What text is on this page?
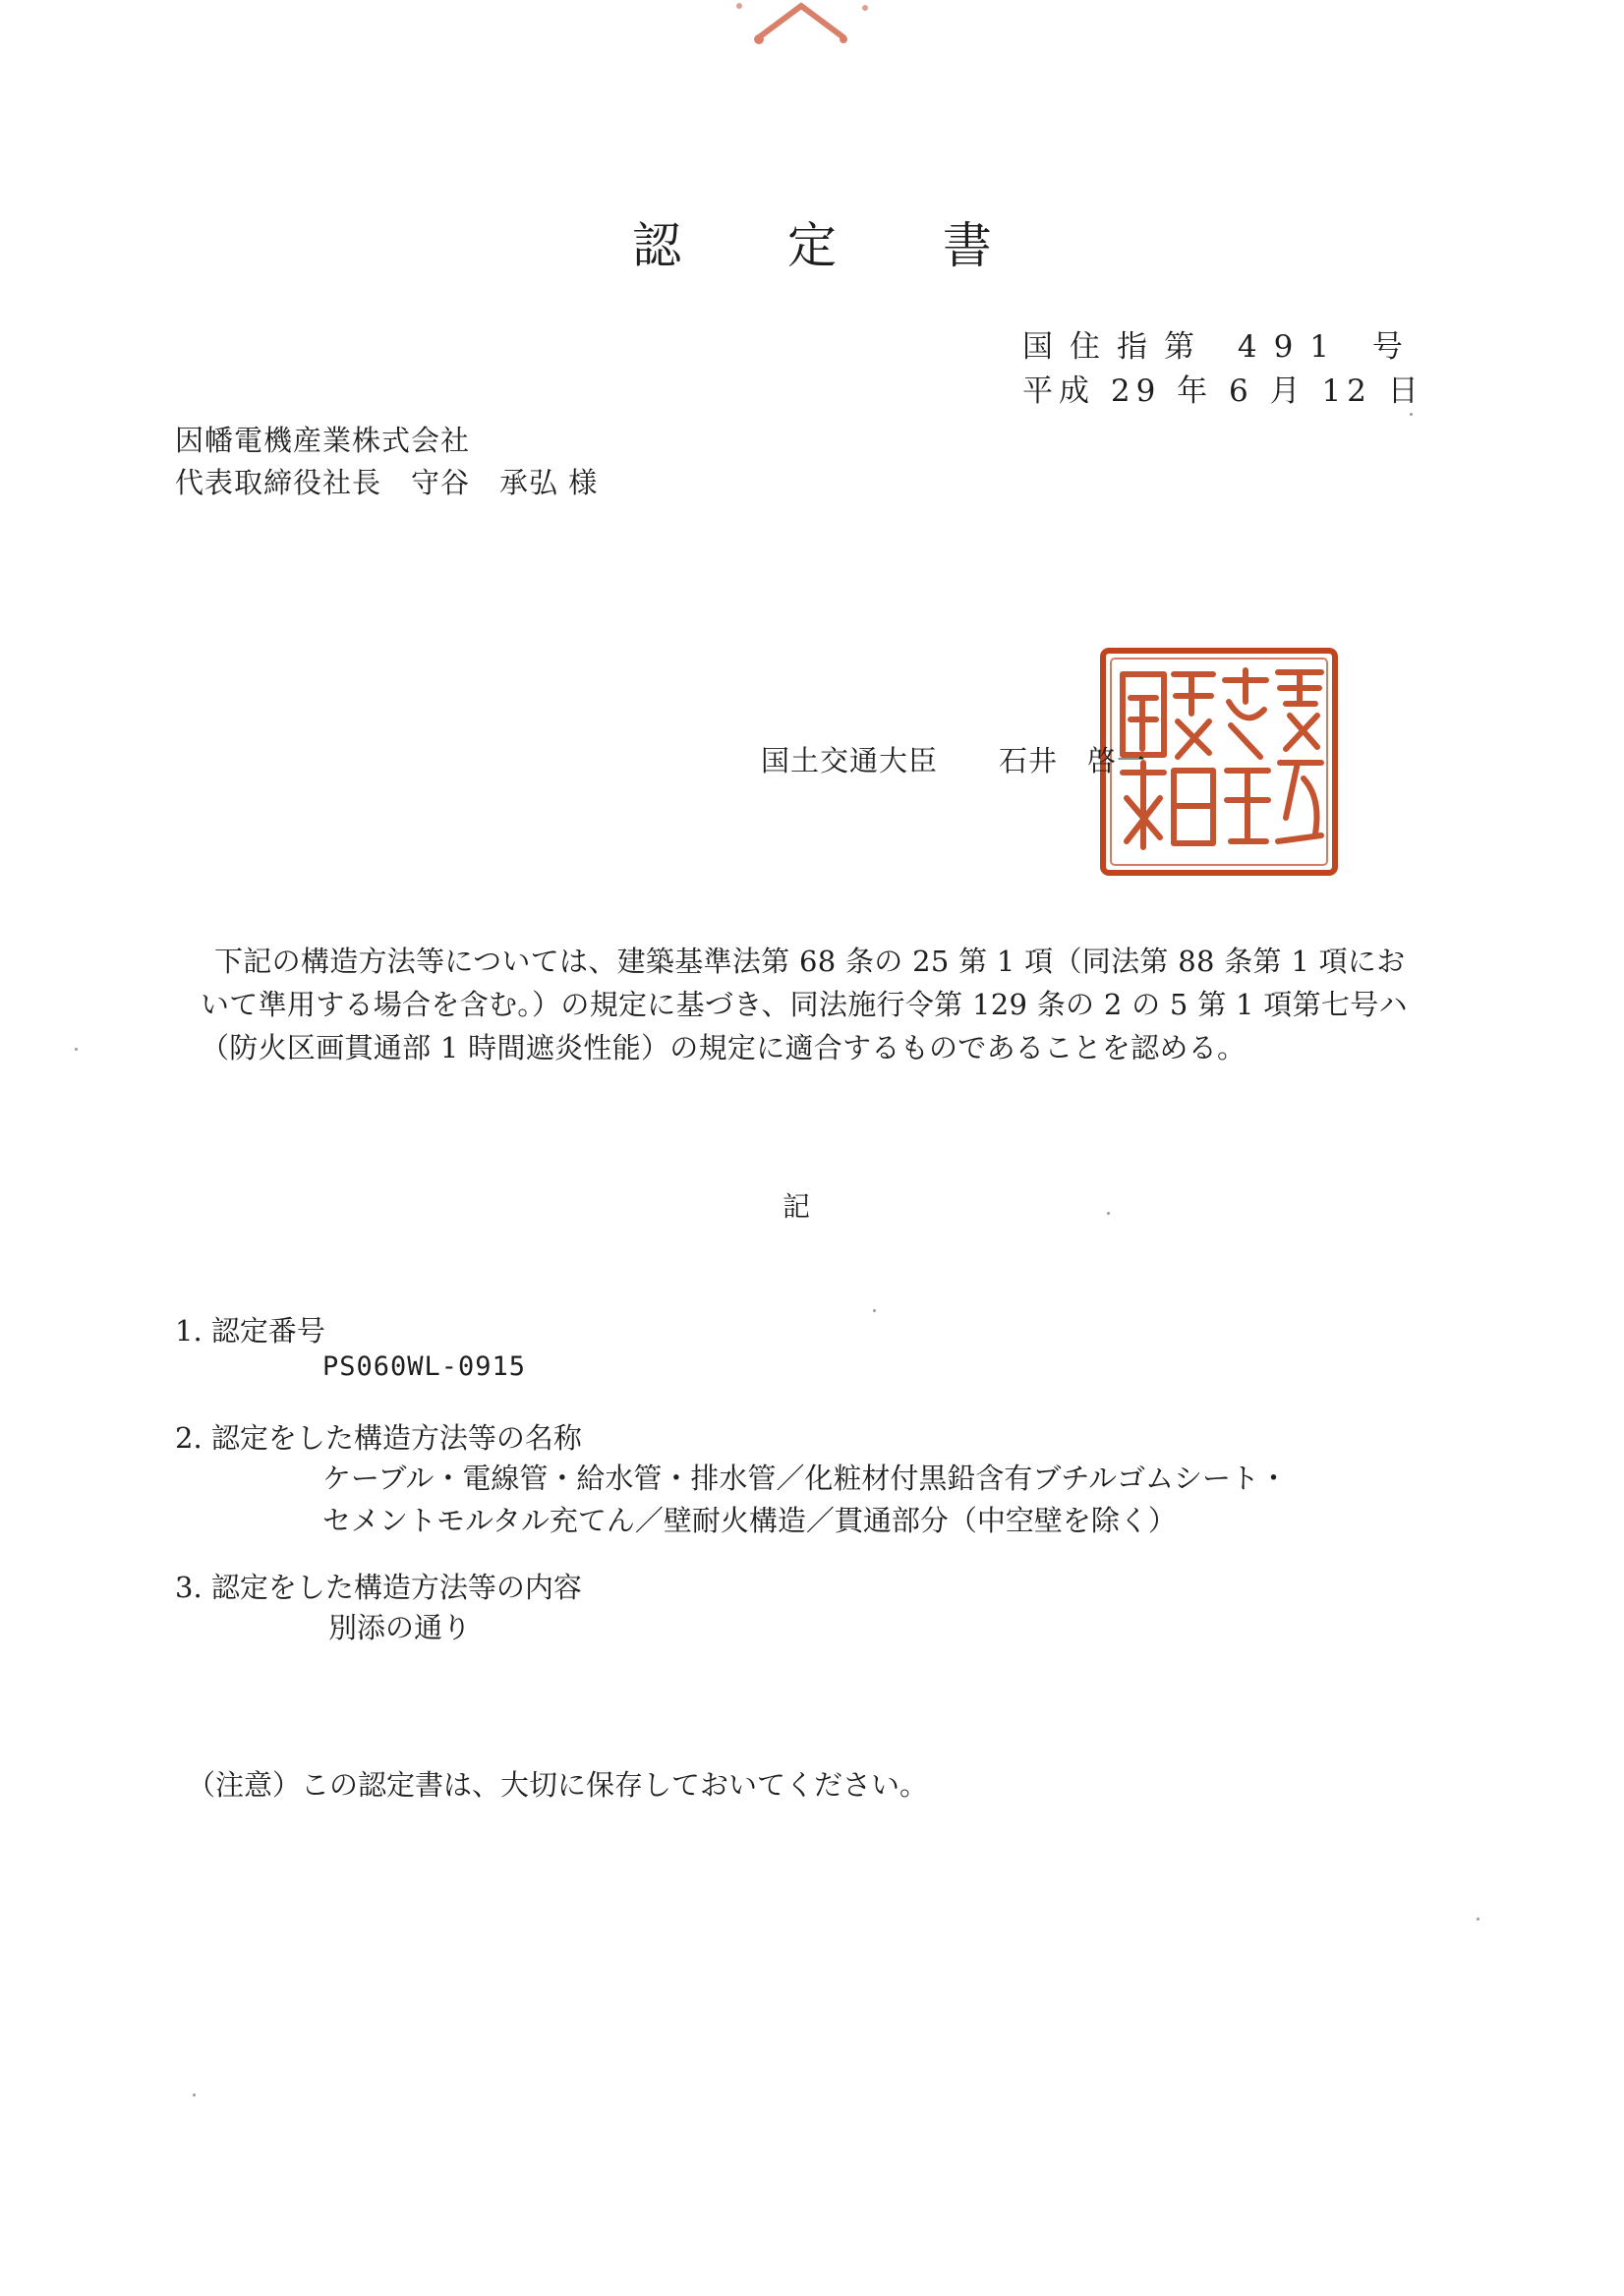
認 定 書
国住指第 491 号
平成 29 年 6 月 12 日
因幡電機産業株式会社
代表取締役社長　守谷　承弘 様
国土交通大臣之印
国土交通大臣 石井　啓一
下記の構造方法等については、建築基準法第 68 条の 25 第 1 項（同法第 88 条第 1 項にお
いて準用する場合を含む。）の規定に基づき、同法施行令第 129 条の 2 の 5 第 1 項第七号ハ
（防火区画貫通部 1 時間遮炎性能）の規定に適合するものであることを認める。
記
1. 認定番号
PS060WL-0915
2. 認定をした構造方法等の名称
ケーブル・電線管・給水管・排水管／化粧材付黒鉛含有ブチルゴムシート・
セメントモルタル充てん／壁耐火構造／貫通部分（中空壁を除く）
3. 認定をした構造方法等の内容
別添の通り
（注意）この認定書は、大切に保存しておいてください。
